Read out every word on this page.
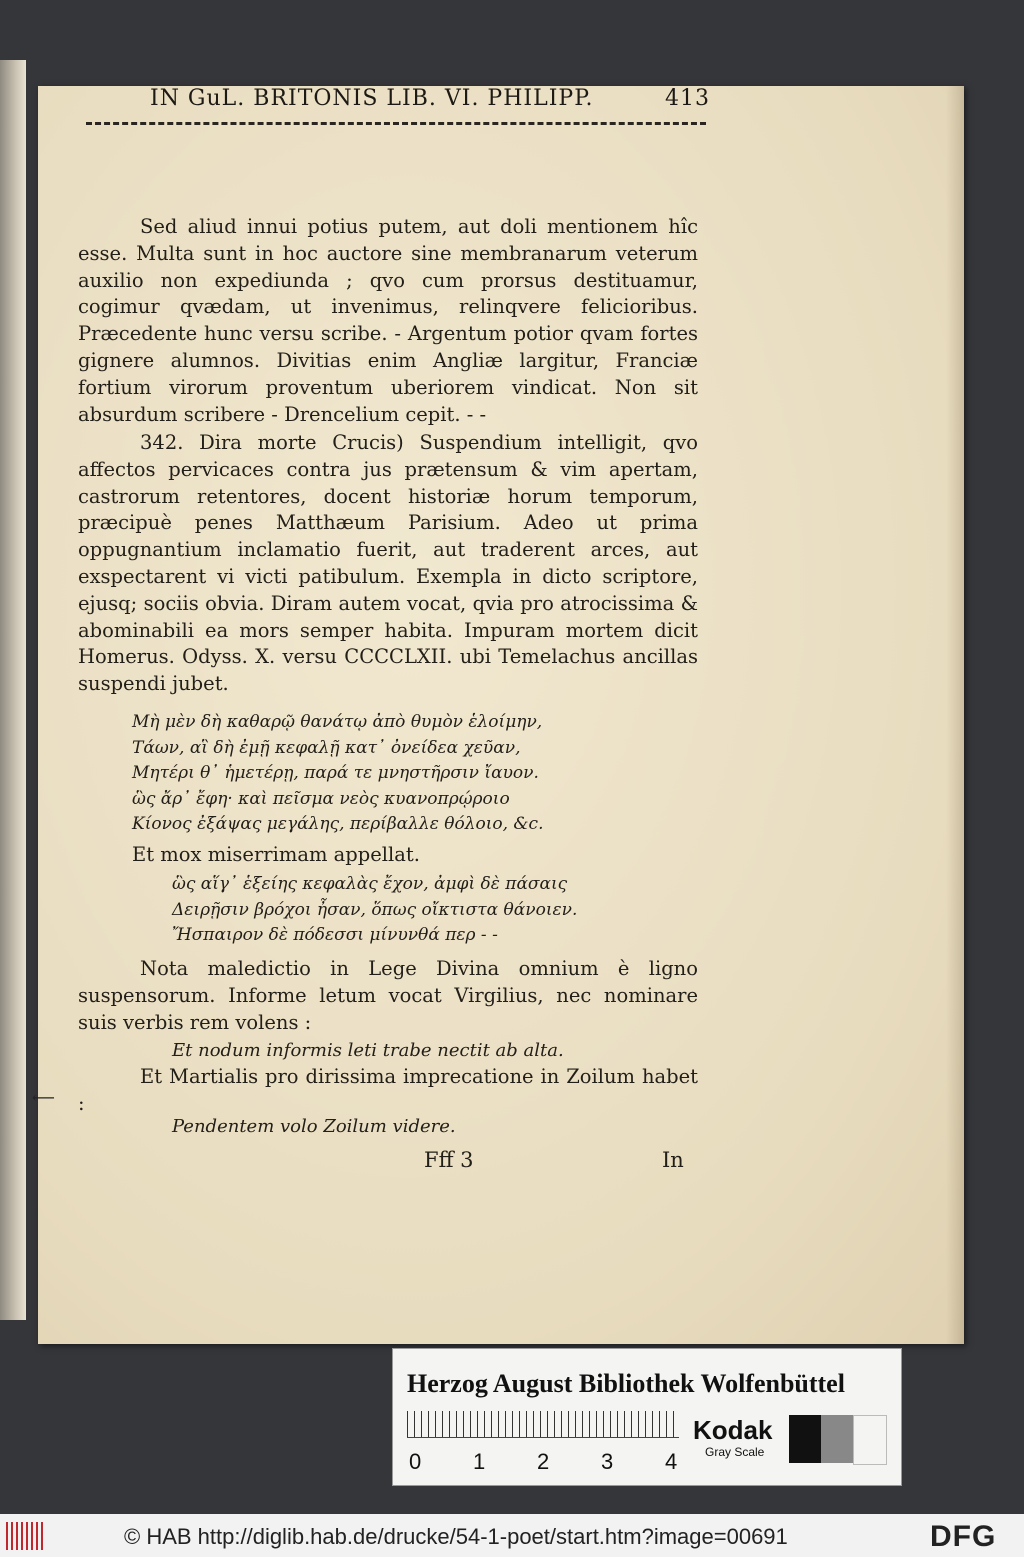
IN GuL. BRITONIS LIB. VI. PHILIPP.	413

Sed aliud innui potius putem, aut doli mentionem hîc esse. Multa sunt in hoc auctore sine membranarum veterum auxilio non expediunda ; qvo cum prorsus destituamur, cogimur qvædam, ut invenimus, relinqvere felicioribus. Præcedente hunc versu scribe. - Argentum potior qvam fortes gignere alumnos. Divitias enim Angliæ largitur, Franciæ fortium virorum proventum uberiorem vindicat. Non sit absurdum scribere - Drencelium cepit. - -

342. Dira morte Crucis) Suspendium intelligit, qvo affectos pervicaces contra jus prætensum & vim apertam, castrorum retentores, docent historiæ horum temporum, præcipuè penes Matthæum Parisium. Adeo ut prima oppugnantium inclamatio fuerit, aut traderent arces, aut exspectarent vi victi patibulum. Exempla in dicto scriptore, ejusq; sociis obvia. Diram autem vocat, qvia pro atrocissima & abominabili ea mors semper habita. Impuram mortem dicit Homerus. Odyss. X. versu CCCCLXII. ubi Temelachus ancillas suspendi jubet.

Μὴ μὲν δὴ καθαρῷ θανάτῳ ἀπὸ θυμὸν ἑλοίμην,
Τάων, αἳ δὴ ἐμῇ κεφαλῇ κατ᾽ ὀνείδεα χεῦαν,
Μητέρι θ᾽ ἡμετέρῃ, παρά τε μνηστῆρσιν ἴαυον.
ὣς ἄρ᾽ ἔφη· καὶ πεῖσμα νεὸς κυανοπρῴροιο
Κίονος ἐξάψας μεγάλης, περίβαλλε θόλοιο, &c.

Et mox miserrimam appellat.

ὣς αἵγ᾽ ἑξείης κεφαλὰς ἔχον, ἀμφὶ δὲ πάσαις
Δειρῇσιν βρόχοι ἦσαν, ὅπως οἴκτιστα θάνοιεν.
Ἤσπαιρον δὲ πόδεσσι μίνυνθά περ - -

Nota maledictio in Lege Divina omnium è ligno suspensorum. Informe letum vocat Virgilius, nec nominare suis verbis rem volens :

Et nodum informis leti trabe nectit ab alta.

Et Martialis pro dirissima imprecatione in Zoilum habet :

Pendentem volo Zoilum videre.
Fff 3	In
⟵
Herzog August Bibliothek Wolfenbüttel
0 1 2 3 4
Kodak
Gray Scale
© HAB http://diglib.hab.de/drucke/54-1-poet/start.htm?image=00691	DFG
